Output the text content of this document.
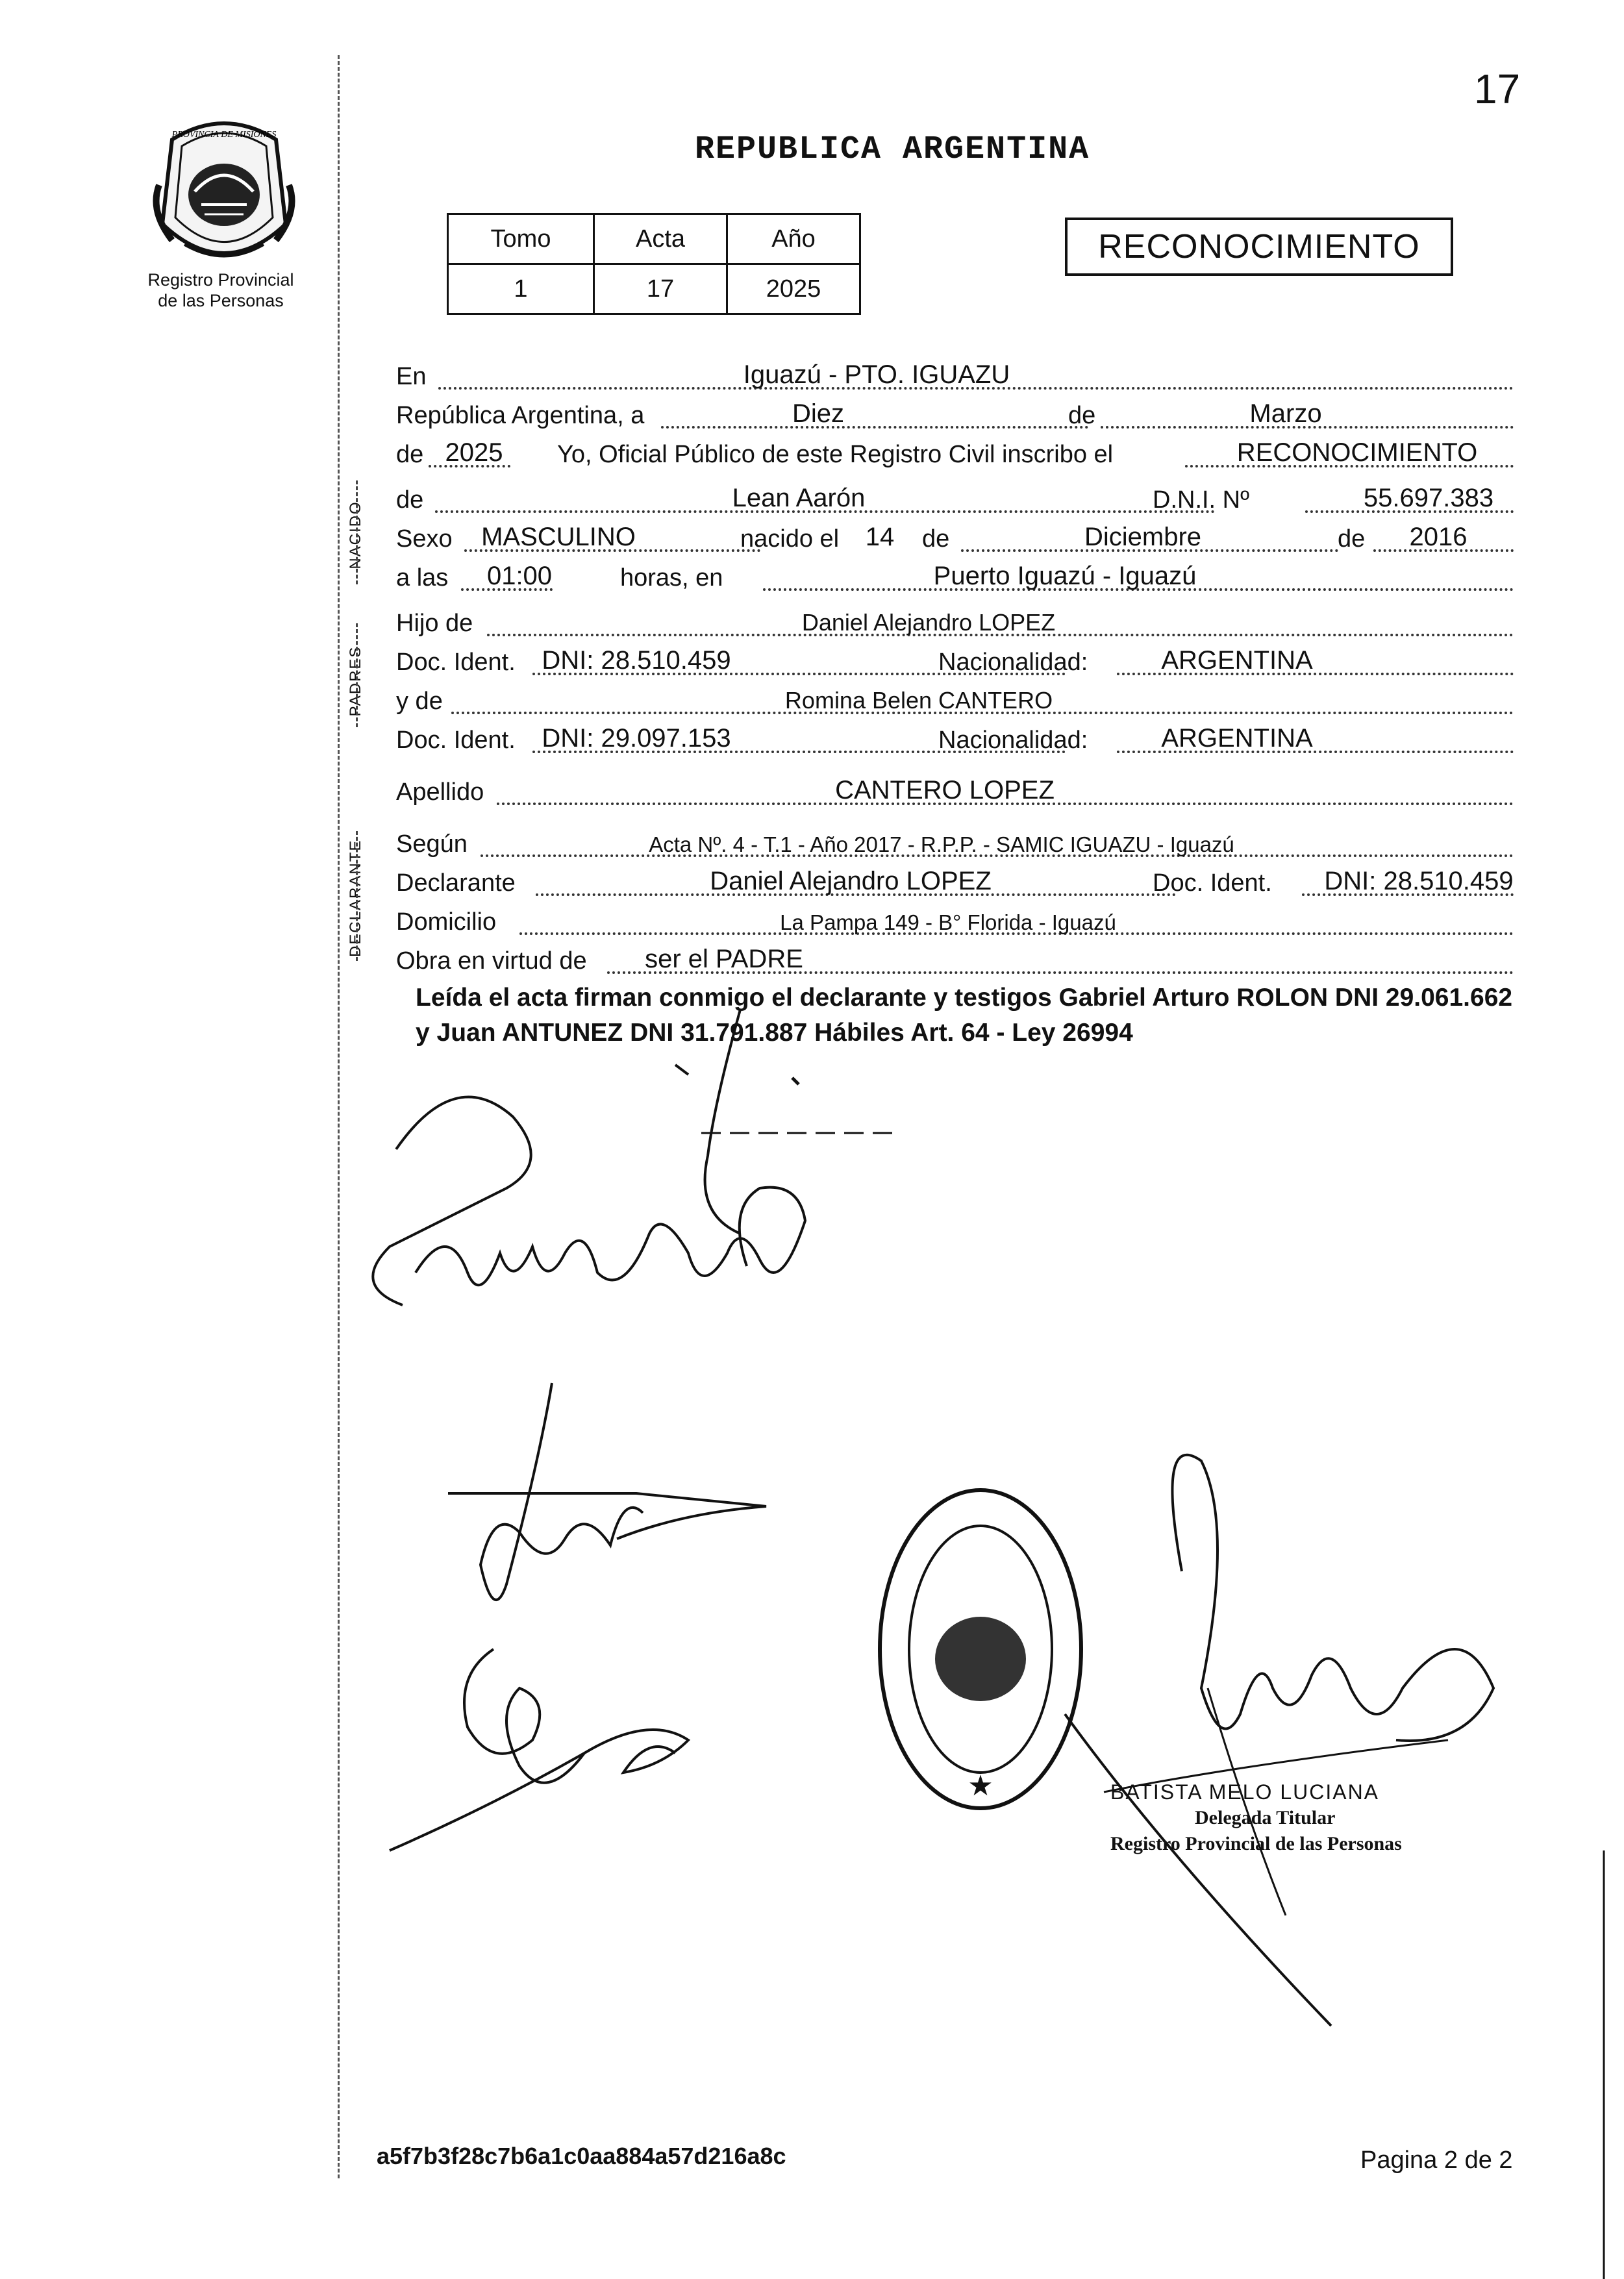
17
PROVINCIA DE MISIONES
Registro Provincial
de las Personas
REPUBLICA ARGENTINA
Tomo	Acta	Año
1	17	2025
RECONOCIMIENTO
NACIDO
PADRES
DECLARANTE
En	Iguazú - PTO. IGUAZU
República Argentina, a	Diez	de	Marzo
de 2025 Yo, Oficial Público de este Registro Civil inscribo el	RECONOCIMIENTO
de	Lean Aarón	D.N.I. Nº	55.697.383
Sexo MASCULINO	nacido el 14 de	Diciembre	de 2016
a las 01:00	horas, en	Puerto Iguazú - Iguazú
Hijo de	Daniel Alejandro LOPEZ
Doc. Ident. DNI: 28.510.459	Nacionalidad:	ARGENTINA
y de	Romina Belen CANTERO
Doc. Ident. DNI: 29.097.153	Nacionalidad:	ARGENTINA
Apellido	CANTERO LOPEZ
Según	Acta Nº. 4 - T.1 - Año 2017 - R.P.P. - SAMIC IGUAZU - Iguazú
Declarante	Daniel Alejandro LOPEZ	Doc. Ident. DNI: 28.510.459
Domicilio	La Pampa 149 - B° Florida - Iguazú
Obra en virtud de ser el PADRE
Leída el acta firman conmigo el declarante y testigos Gabriel Arturo ROLON DNI 29.061.662 y Juan ANTUNEZ DNI 31.791.887 Hábiles Art. 64 - Ley 26994
★	BATISTA MELO LUCIANA
Delegada Titular
Registro Provincial de las Personas
a5f7b3f28c7b6a1c0aa884a57d216a8c	Pagina 2 de 2
